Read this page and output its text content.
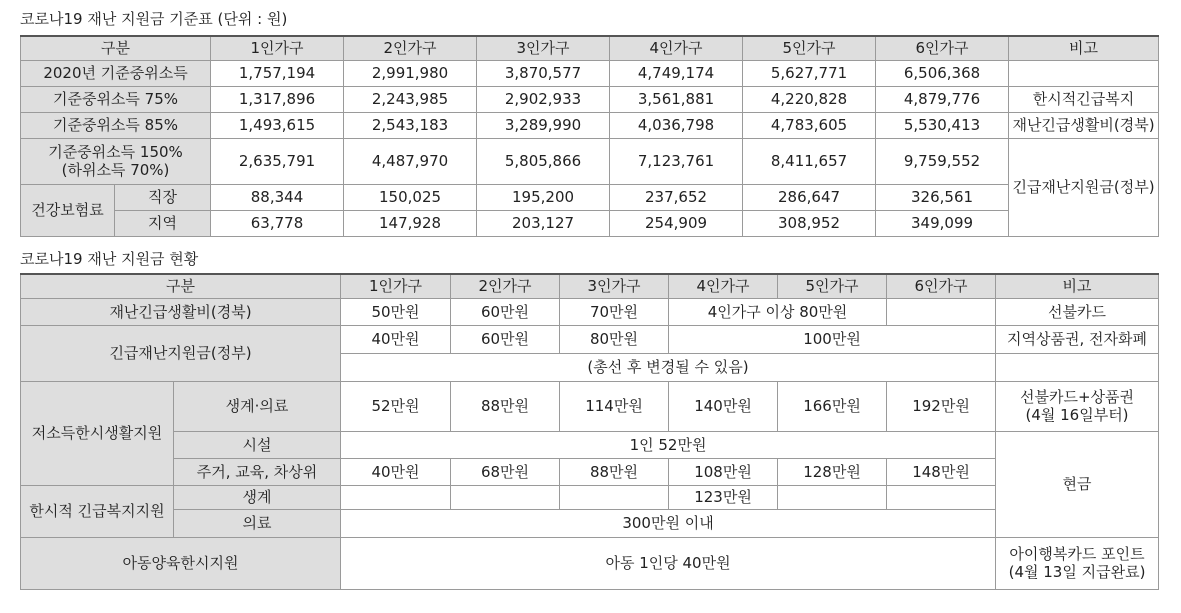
코로나19 재난 지원금 기준표 (단위 : 원)
구분		1인가구	2인가구	3인가구	4인가구	5인가구	6인가구	비고
2020년 기준중위소득		1,757,194	2,991,980	3,870,577	4,749,174	5,627,771	6,506,368	
기준중위소득 75%		1,317,896	2,243,985	2,902,933	3,561,881	4,220,828	4,879,776	한시적긴급복지
기준중위소득 85%		1,493,615	2,543,183	3,289,990	4,036,798	4,783,605	5,530,413	재난긴급생활비(경북)

기준중위소득 150%
(하위소득 70%)		2,635,791	4,487,970	5,805,866	7,123,761	8,411,657	9,759,552	긴급재난지원금(정부)
건강보험료	직장	88,344	150,025	195,200	237,652	286,647	326,561	
	지역	63,778	147,928	203,127	254,909	308,952	349,099	
코로나19 재난 지원금 현황
구분		1인가구	2인가구	3인가구	4인가구	5인가구	6인가구	비고
재난긴급생활비(경북)		50만원	60만원	70만원	4인가구 이상 80만원			선불카드
긴급재난지원금(정부)		40만원	60만원	80만원	100만원			지역상품권, 전자화폐
		(총선 후 변경될 수 있음)						
저소득한시생활지원	생계·의료	52만원	88만원	114만원	140만원	166만원	192만원	선불카드+상품권
(4월 16일부터)

	시설	1인 52만원						현금
	주거, 교육, 차상위	40만원	68만원	88만원	108만원	128만원	148만원	
한시적 긴급복지지원	생계				123만원			
	의료	300만원 이내						
아동양육한시지원		아동 1인당 40만원						아이행복카드 포인트
(4월 13일 지급완료)
